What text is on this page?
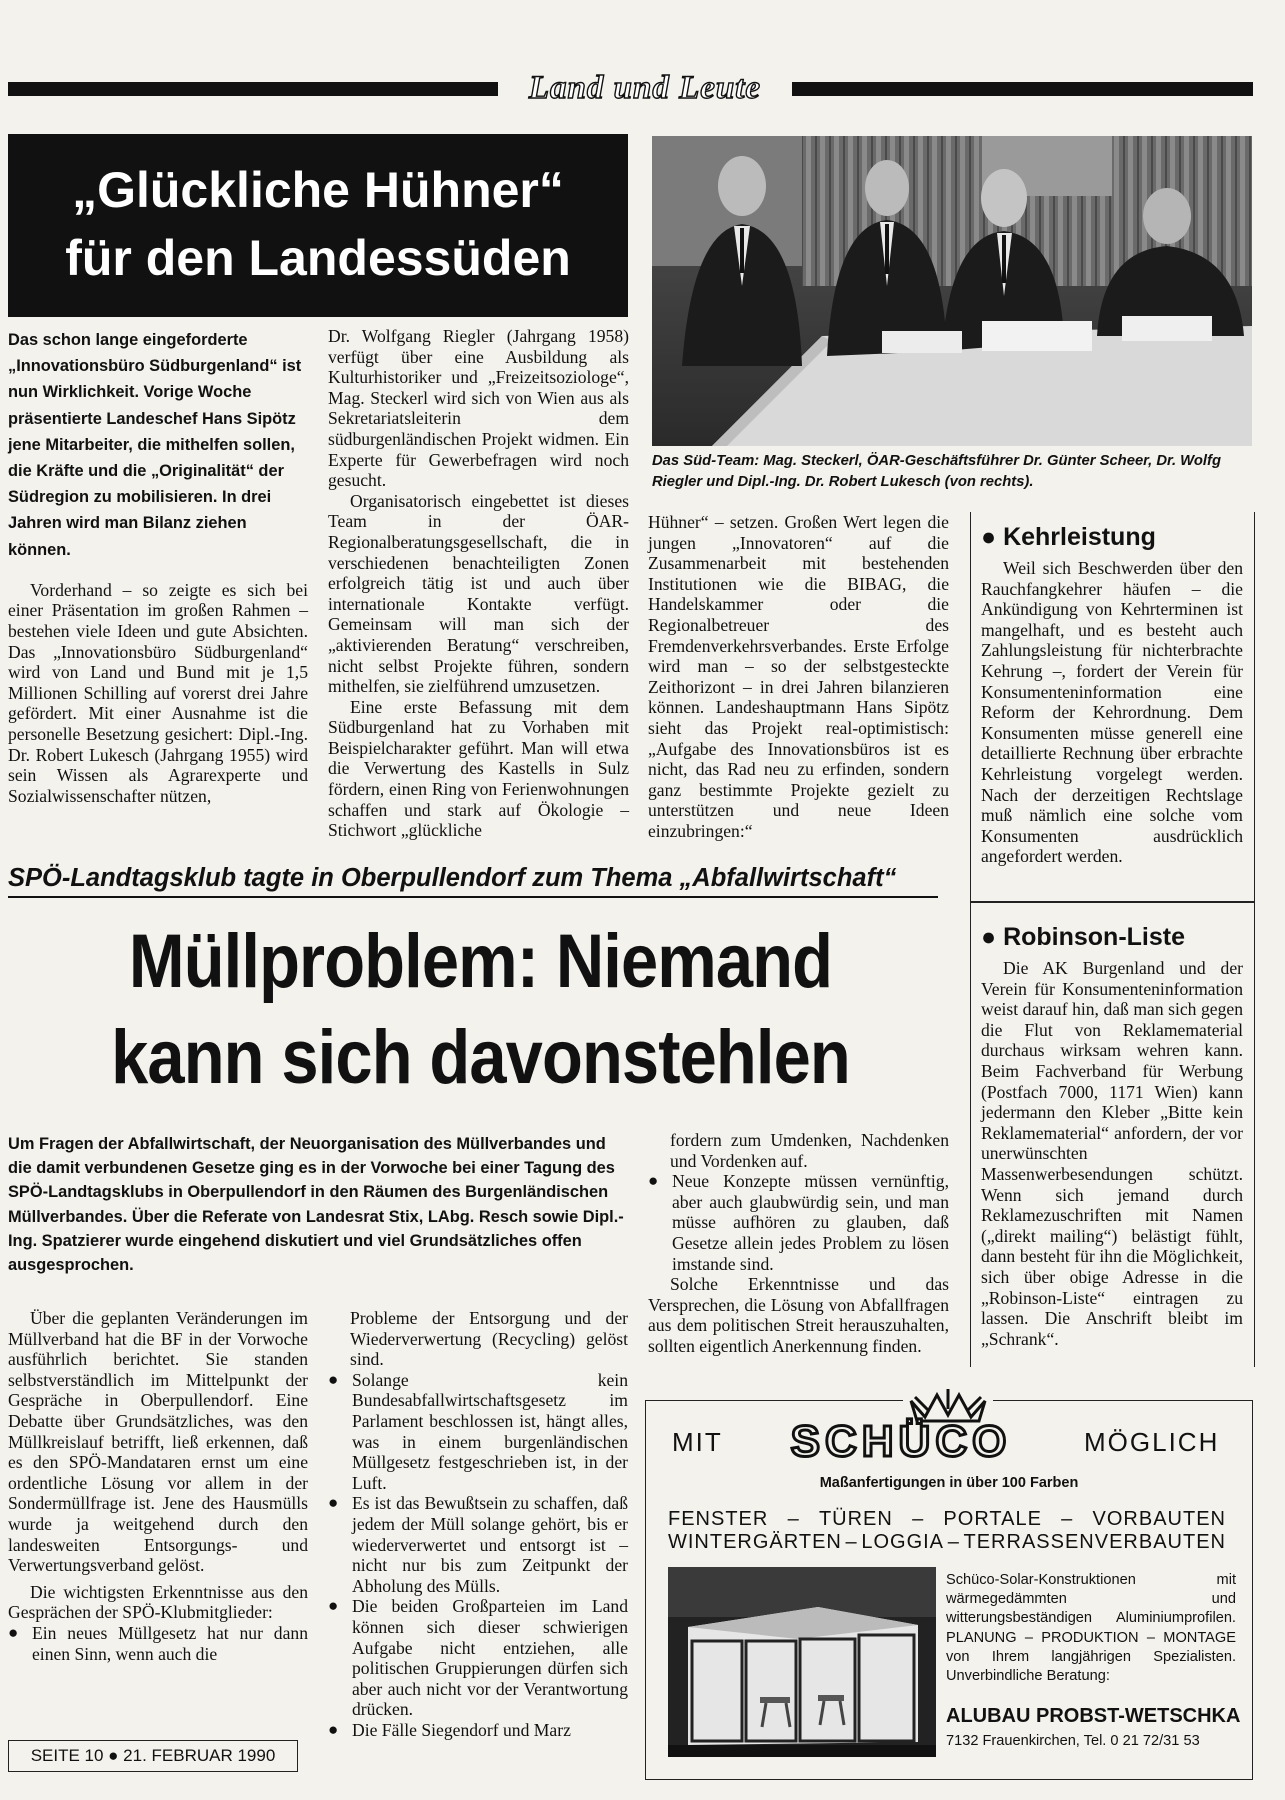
Land und Leute
„Glückliche Hühner“
für den Landessüden
Das Süd-Team: Mag. Steckerl, ÖAR-Geschäftsführer Dr. Günter Scheer, Dr. Wolfg
Riegler und Dipl.-Ing. Dr. Robert Lukesch (von rechts).

Das schon lange eingeforderte „Innovationsbüro Südburgenland“ ist nun Wirklichkeit. Vorige Woche präsentierte Landeschef Hans Sipötz jene Mitarbeiter, die mithelfen sollen, die Kräfte und die „Originalität“ der Südregion zu mobilisieren. In drei Jahren wird man Bilanz ziehen können.

Vorderhand – so zeigte es sich bei einer Präsentation im großen Rahmen – bestehen viele Ideen und gute Absichten. Das „Innovationsbüro Südburgenland“ wird von Land und Bund mit je 1,5 Millionen Schilling auf vorerst drei Jahre gefördert. Mit einer Ausnahme ist die personelle Besetzung gesichert: Dipl.-Ing. Dr. Robert Lukesch (Jahrgang 1955) wird sein Wissen als Agrarexperte und Sozialwissenschafter nützen,

Dr. Wolfgang Riegler (Jahrgang 1958) verfügt über eine Ausbildung als Kulturhistoriker und „Freizeitsoziologe“, Mag. Steckerl wird sich von Wien aus als Sekretariatsleiterin dem südburgenländischen Projekt widmen. Ein Experte für Gewerbefragen wird noch gesucht.

Organisatorisch eingebettet ist dieses Team in der ÖAR-Regionalberatungsgesellschaft, die in verschiedenen benachteiligten Zonen erfolgreich tätig ist und auch über internationale Kontakte verfügt. Gemeinsam will man sich der „aktivierenden Beratung“ verschreiben, nicht selbst Projekte führen, sondern mithelfen, sie zielführend umzusetzen.

Eine erste Befassung mit dem Südburgenland hat zu Vorhaben mit Beispielcharakter geführt. Man will etwa die Verwertung des Kastells in Sulz fördern, einen Ring von Ferienwohnungen schaffen und stark auf Ökologie – Stichwort „glückliche

Hühner“ – setzen. Großen Wert legen die jungen „Innovatoren“ auf die Zusammenarbeit mit bestehenden Institutionen wie die BIBAG, die Handelskammer oder die Regionalbetreuer des Fremdenverkehrsverbandes. Erste Erfolge wird man – so der selbstgesteckte Zeithorizont – in drei Jahren bilanzieren können. Landeshauptmann Hans Sipötz sieht das Projekt real-optimistisch: „Aufgabe des Innovationsbüros ist es nicht, das Rad neu zu erfinden, sondern ganz bestimmte Projekte gezielt zu unterstützen und neue Ideen einzubringen:“

● Kehrleistung

Weil sich Beschwerden über den Rauchfangkehrer häufen – die Ankündigung von Kehrterminen ist mangelhaft, und es besteht auch Zahlungsleistung für nichterbrachte Kehrung –, fordert der Verein für Konsumenteninformation eine Reform der Kehrordnung. Dem Konsumenten müsse generell eine detaillierte Rechnung über erbrachte Kehrleistung vorgelegt werden. Nach der derzeitigen Rechtslage muß nämlich eine solche vom Konsumenten ausdrücklich angefordert werden.

● Robinson-Liste

Die AK Burgenland und der Verein für Konsumenteninformation weist darauf hin, daß man sich gegen die Flut von Reklamematerial durchaus wirksam wehren kann. Beim Fachverband für Werbung (Postfach 7000, 1171 Wien) kann jedermann den Kleber „Bitte kein Reklamematerial“ anfordern, der vor unerwünschten Massenwerbesendungen schützt. Wenn sich jemand durch Reklamezuschriften mit Namen („direkt mailing“) belästigt fühlt, dann besteht für ihn die Möglichkeit, sich über obige Adresse in die „Robinson-Liste“ eintragen zu lassen. Die Anschrift bleibt im „Schrank“.

SPÖ-Landtagsklub tagte in Oberpullendorf zum Thema „Abfallwirtschaft“
Müllproblem: Niemand
kann sich davonstehlen

Um Fragen der Abfallwirtschaft, der Neuorganisation des Müllverbandes und die damit verbundenen Gesetze ging es in der Vorwoche bei einer Tagung des SPÖ-Landtagsklubs in Oberpullendorf in den Räumen des Burgenländischen Müllverbandes. Über die Referate von Landesrat Stix, LAbg. Resch sowie Dipl.-Ing. Spatzierer wurde eingehend diskutiert und viel Grundsätzliches offen ausgesprochen.

Über die geplanten Veränderungen im Müllverband hat die BF in der Vorwoche ausführlich berichtet. Sie standen selbstverständlich im Mittelpunkt der Gespräche in Oberpullendorf. Eine Debatte über Grundsätzliches, was den Müllkreislauf betrifft, ließ erkennen, daß es den SPÖ-Mandataren ernst um eine ordentliche Lösung vor allem in der Sondermüllfrage ist. Jene des Hausmülls wurde ja weitgehend durch den landesweiten Entsorgungs- und Verwertungsverband gelöst.

Die wichtigsten Erkenntnisse aus den Gesprächen der SPÖ-Klubmitglieder:

● Ein neues Müllgesetz hat nur dann einen Sinn, wenn auch die

Probleme der Entsorgung und der Wiederverwertung (Recycling) gelöst sind.

● Solange kein Bundesabfallwirtschaftsgesetz im Parlament beschlossen ist, hängt alles, was in einem burgenländischen Müllgesetz festgeschrieben ist, in der Luft.
● Es ist das Bewußtsein zu schaffen, daß jedem der Müll solange gehört, bis er wiederverwertet und entsorgt ist – nicht nur bis zum Zeitpunkt der Abholung des Mülls.
● Die beiden Großparteien im Land können sich dieser schwierigen Aufgabe nicht entziehen, alle politischen Gruppierungen dürfen sich aber auch nicht vor der Verantwortung drücken.
● Die Fälle Siegendorf und Marz

fordern zum Umdenken, Nachdenken und Vordenken auf.

● Neue Konzepte müssen vernünftig, aber auch glaubwürdig sein, und man müsse aufhören zu glauben, daß Gesetze allein jedes Problem zu lösen imstande sind.

Solche Erkenntnisse und das Versprechen, die Lösung von Abfallfragen aus dem politischen Streit herauszuhalten, sollten eigentlich Anerkennung finden.

MIT	SCHÜCO	MÖGLICH
Maßanfertigungen in über 100 Farben
FENSTER – TÜREN – PORTALE – VORBAUTEN
WINTERGÄRTEN – LOGGIA – TERRASSENVERBAUTEN

Schüco-Solar-Konstruktionen mit wärmegedämmten und witterungsbeständigen Aluminiumprofilen. PLANUNG – PRODUKTION – MONTAGE von Ihrem langjährigen Spezialisten. Unverbindliche Beratung:

ALUBAU PROBST-WETSCHKA
7132 Frauenkirchen, Tel. 0 21 72/31 53
SEITE 10 ● 21. FEBRUAR 1990
